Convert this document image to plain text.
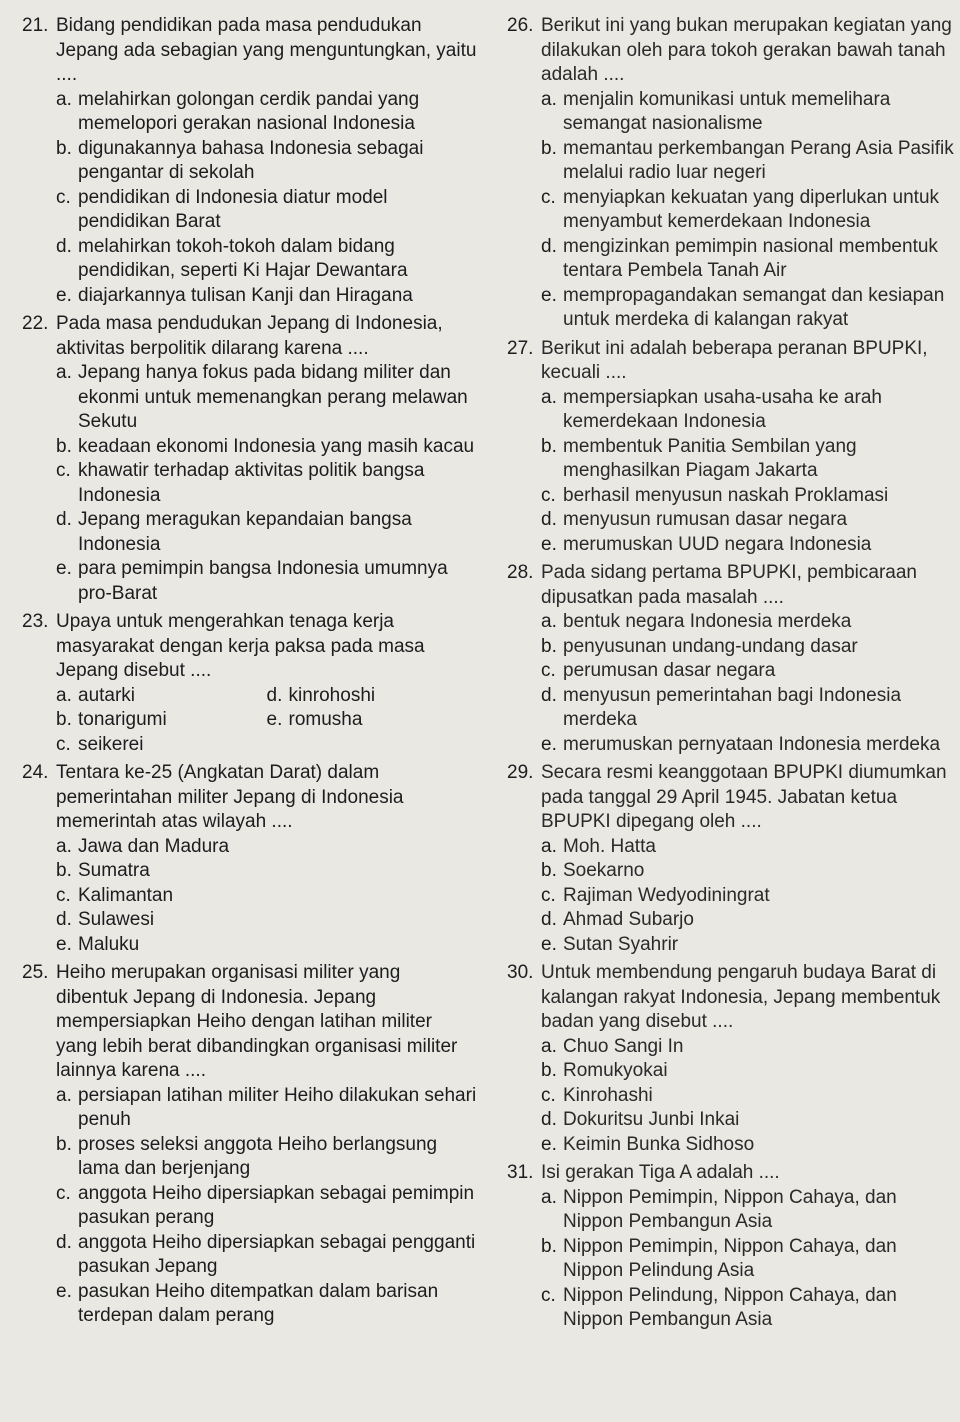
21. Bidang pendidikan pada masa pendudukan Jepang ada sebagian yang menguntungkan, yaitu ....
a. melahirkan golongan cerdik pandai yang memelopori gerakan nasional Indonesia
b. digunakannya bahasa Indonesia sebagai pengantar di sekolah
c. pendidikan di Indonesia diatur model pendidikan Barat
d. melahirkan tokoh-tokoh dalam bidang pendidikan, seperti Ki Hajar Dewantara
e. diajarkannya tulisan Kanji dan Hiragana
22. Pada masa pendudukan Jepang di Indonesia, aktivitas berpolitik dilarang karena ....
a. Jepang hanya fokus pada bidang militer dan ekonmi untuk memenangkan perang melawan Sekutu
b. keadaan ekonomi Indonesia yang masih kacau
c. khawatir terhadap aktivitas politik bangsa Indonesia
d. Jepang meragukan kepandaian bangsa Indonesia
e. para pemimpin bangsa Indonesia umumnya pro-Barat
23. Upaya untuk mengerahkan tenaga kerja masyarakat dengan kerja paksa pada masa Jepang disebut ....
a. autarki	d. kinrohoshi
b. tonarigumi	e. romusha
c. seikerei
24. Tentara ke-25 (Angkatan Darat) dalam pemerintahan militer Jepang di Indonesia memerintah atas wilayah ....
a. Jawa dan Madura
b. Sumatra
c. Kalimantan
d. Sulawesi
e. Maluku
25. Heiho merupakan organisasi militer yang dibentuk Jepang di Indonesia. Jepang mempersiapkan Heiho dengan latihan militer yang lebih berat dibandingkan organisasi militer lainnya karena ....
a. persiapan latihan militer Heiho dilakukan sehari penuh
b. proses seleksi anggota Heiho berlangsung lama dan berjenjang
c. anggota Heiho dipersiapkan sebagai pemimpin pasukan perang
d. anggota Heiho dipersiapkan sebagai pengganti pasukan Jepang
e. pasukan Heiho ditempatkan dalam barisan terdepan dalam perang
26. Berikut ini yang bukan merupakan kegiatan yang dilakukan oleh para tokoh gerakan bawah tanah adalah ....
a. menjalin komunikasi untuk memelihara semangat nasionalisme
b. memantau perkembangan Perang Asia Pasifik melalui radio luar negeri
c. menyiapkan kekuatan yang diperlukan untuk menyambut kemerdekaan Indonesia
d. mengizinkan pemimpin nasional membentuk tentara Pembela Tanah Air
e. mempropagandakan semangat dan kesiapan untuk merdeka di kalangan rakyat
27. Berikut ini adalah beberapa peranan BPUPKI, kecuali ....
a. mempersiapkan usaha-usaha ke arah kemerdekaan Indonesia
b. membentuk Panitia Sembilan yang menghasilkan Piagam Jakarta
c. berhasil menyusun naskah Proklamasi
d. menyusun rumusan dasar negara
e. merumuskan UUD negara Indonesia
28. Pada sidang pertama BPUPKI, pembicaraan dipusatkan pada masalah ....
a. bentuk negara Indonesia merdeka
b. penyusunan undang-undang dasar
c. perumusan dasar negara
d. menyusun pemerintahan bagi Indonesia merdeka
e. merumuskan pernyataan Indonesia merdeka
29. Secara resmi keanggotaan BPUPKI diumumkan pada tanggal 29 April 1945. Jabatan ketua BPUPKI dipegang oleh ....
a. Moh. Hatta
b. Soekarno
c. Rajiman Wedyodiningrat
d. Ahmad Subarjo
e. Sutan Syahrir
30. Untuk membendung pengaruh budaya Barat di kalangan rakyat Indonesia, Jepang membentuk badan yang disebut ....
a. Chuo Sangi In
b. Romukyokai
c. Kinrohashi
d. Dokuritsu Junbi Inkai
e. Keimin Bunka Sidhoso
31. Isi gerakan Tiga A adalah ....
a. Nippon Pemimpin, Nippon Cahaya, dan Nippon Pembangun Asia
b. Nippon Pemimpin, Nippon Cahaya, dan Nippon Pelindung Asia
c. Nippon Pelindung, Nippon Cahaya, dan Nippon Pembangun Asia
